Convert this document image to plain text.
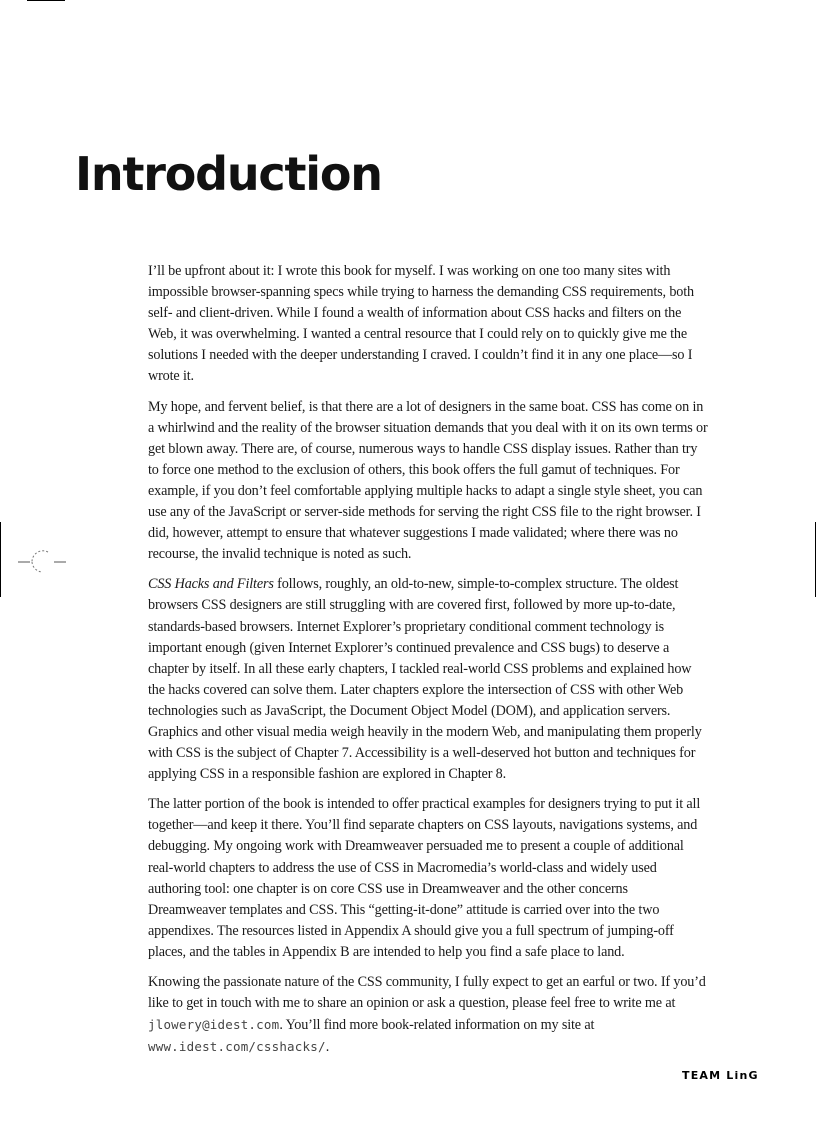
Introduction

I’ll be upfront about it: I wrote this book for myself. I was working on one too many sites with impossible browser-spanning specs while trying to harness the demanding CSS requirements, both self- and client-driven. While I found a wealth of information about CSS hacks and filters on the Web, it was overwhelming. I wanted a central resource that I could rely on to quickly give me the solutions I needed with the deeper understanding I craved. I couldn’t find it in any one place—so I wrote it.

My hope, and fervent belief, is that there are a lot of designers in the same boat. CSS has come on in a whirlwind and the reality of the browser situation demands that you deal with it on its own terms or get blown away. There are, of course, numerous ways to handle CSS display issues. Rather than try to force one method to the exclusion of others, this book offers the full gamut of techniques. For example, if you don’t feel comfortable applying multiple hacks to adapt a single style sheet, you can use any of the JavaScript or server-side methods for serving the right CSS file to the right browser. I did, however, attempt to ensure that whatever suggestions I made validated; where there was no recourse, the invalid technique is noted as such.

CSS Hacks and Filters follows, roughly, an old-to-new, simple-to-complex structure. The oldest browsers CSS designers are still struggling with are covered first, followed by more up-to-date, standards-based browsers. Internet Explorer’s proprietary conditional comment technology is important enough (given Internet Explorer’s continued prevalence and CSS bugs) to deserve a chapter by itself. In all these early chapters, I tackled real-world CSS problems and explained how the hacks covered can solve them. Later chapters explore the intersection of CSS with other Web technologies such as JavaScript, the Document Object Model (DOM), and application servers. Graphics and other visual media weigh heavily in the modern Web, and manipulating them properly with CSS is the subject of Chapter 7. Accessibility is a well-deserved hot button and techniques for applying CSS in a responsible fashion are explored in Chapter 8.

The latter portion of the book is intended to offer practical examples for designers trying to put it all together—and keep it there. You’ll find separate chapters on CSS layouts, navigations systems, and debugging. My ongoing work with Dreamweaver persuaded me to present a couple of additional real-world chapters to address the use of CSS in Macromedia’s world-class and widely used authoring tool: one chapter is on core CSS use in Dreamweaver and the other concerns Dreamweaver templates and CSS. This “getting-it-done” attitude is carried over into the two appendixes. The resources listed in Appendix A should give you a full spectrum of jumping-off places, and the tables in Appendix B are intended to help you find a safe place to land.

Knowing the passionate nature of the CSS community, I fully expect to get an earful or two. If you’d like to get in touch with me to share an opinion or ask a question, please feel free to write me at jlowery@idest.com. You’ll find more book-related information on my site at www.idest.com/csshacks/.

TEAM LinG
